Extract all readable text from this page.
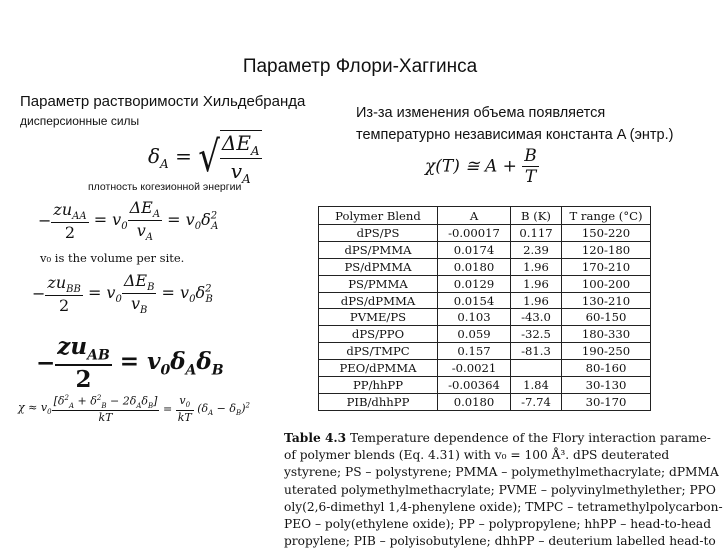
Параметр Флори-Хаггинса
Параметр растворимости Хильдебранда
дисперсионные силы	Из-за изменения объема появляется
температурно независимая константа A (энтр.)
$\delta_A$ = √ $\frac{\Delta E_A}{v_A}$
плотность когезионной энергии
− $\frac{zu_{AA}}{2} = v_0 \frac{\Delta E_A}{v_A} = v_0\delta^2_A$
v₀ is the volume per site.
− $\frac{zu_{BB}}{2} = v_0 \frac{\Delta E_B}{v_B} = v_0\delta^2_B$
− $\frac{zu_{AB}}{2} = v_0\delta_A\delta_B$
$\chi \approx v_0 \frac{[\delta^2_A + \delta^2_B - 2\delta_A\delta_B]}{kT} = \frac{v_0}{kT} (\delta_A - \delta_B)^2$
χ(T) ≅ $A + \frac{B}{T}$
Polymer Blend	A	B (K)	T range (°C)
dPS/PS	-0.00017	0.117	150-220
dPS/PMMA	0.0174	2.39	120-180
PS/dPMMA	0.0180	1.96	170-210
PS/PMMA	0.0129	1.96	100-200
dPS/dPMMA	0.0154	1.96	130-210
PVME/PS	0.103	-43.0	60-150
dPS/PPO	0.059	-32.5	180-330
dPS/TMPC	0.157	-81.3	190-250
PEO/dPMMA	-0.0021		80-160
PP/hhPP	-0.00364	1.84	30-130
PIB/dhhPP	0.0180	-7.74	30-170
Table 4.3 Temperature dependence of the Flory interaction parame-
of polymer blends (Eq. 4.31) with v₀ = 100 Å³. dPS deuterated
ystyrene; PS – polystyrene; PMMA – polymethylmethacrylate; dPMMA
uterated polymethylmethacrylate; PVME – polyvinylmethylether; PPO
oly(2,6-dimethyl 1,4-phenylene oxide); TMPC – tetramethylpolycarbon-
PEO – poly(ethylene oxide); PP – polypropylene; hhPP – head-to-head
propylene; PIB – polyisobutylene; dhhPP – deuterium labelled head-to
